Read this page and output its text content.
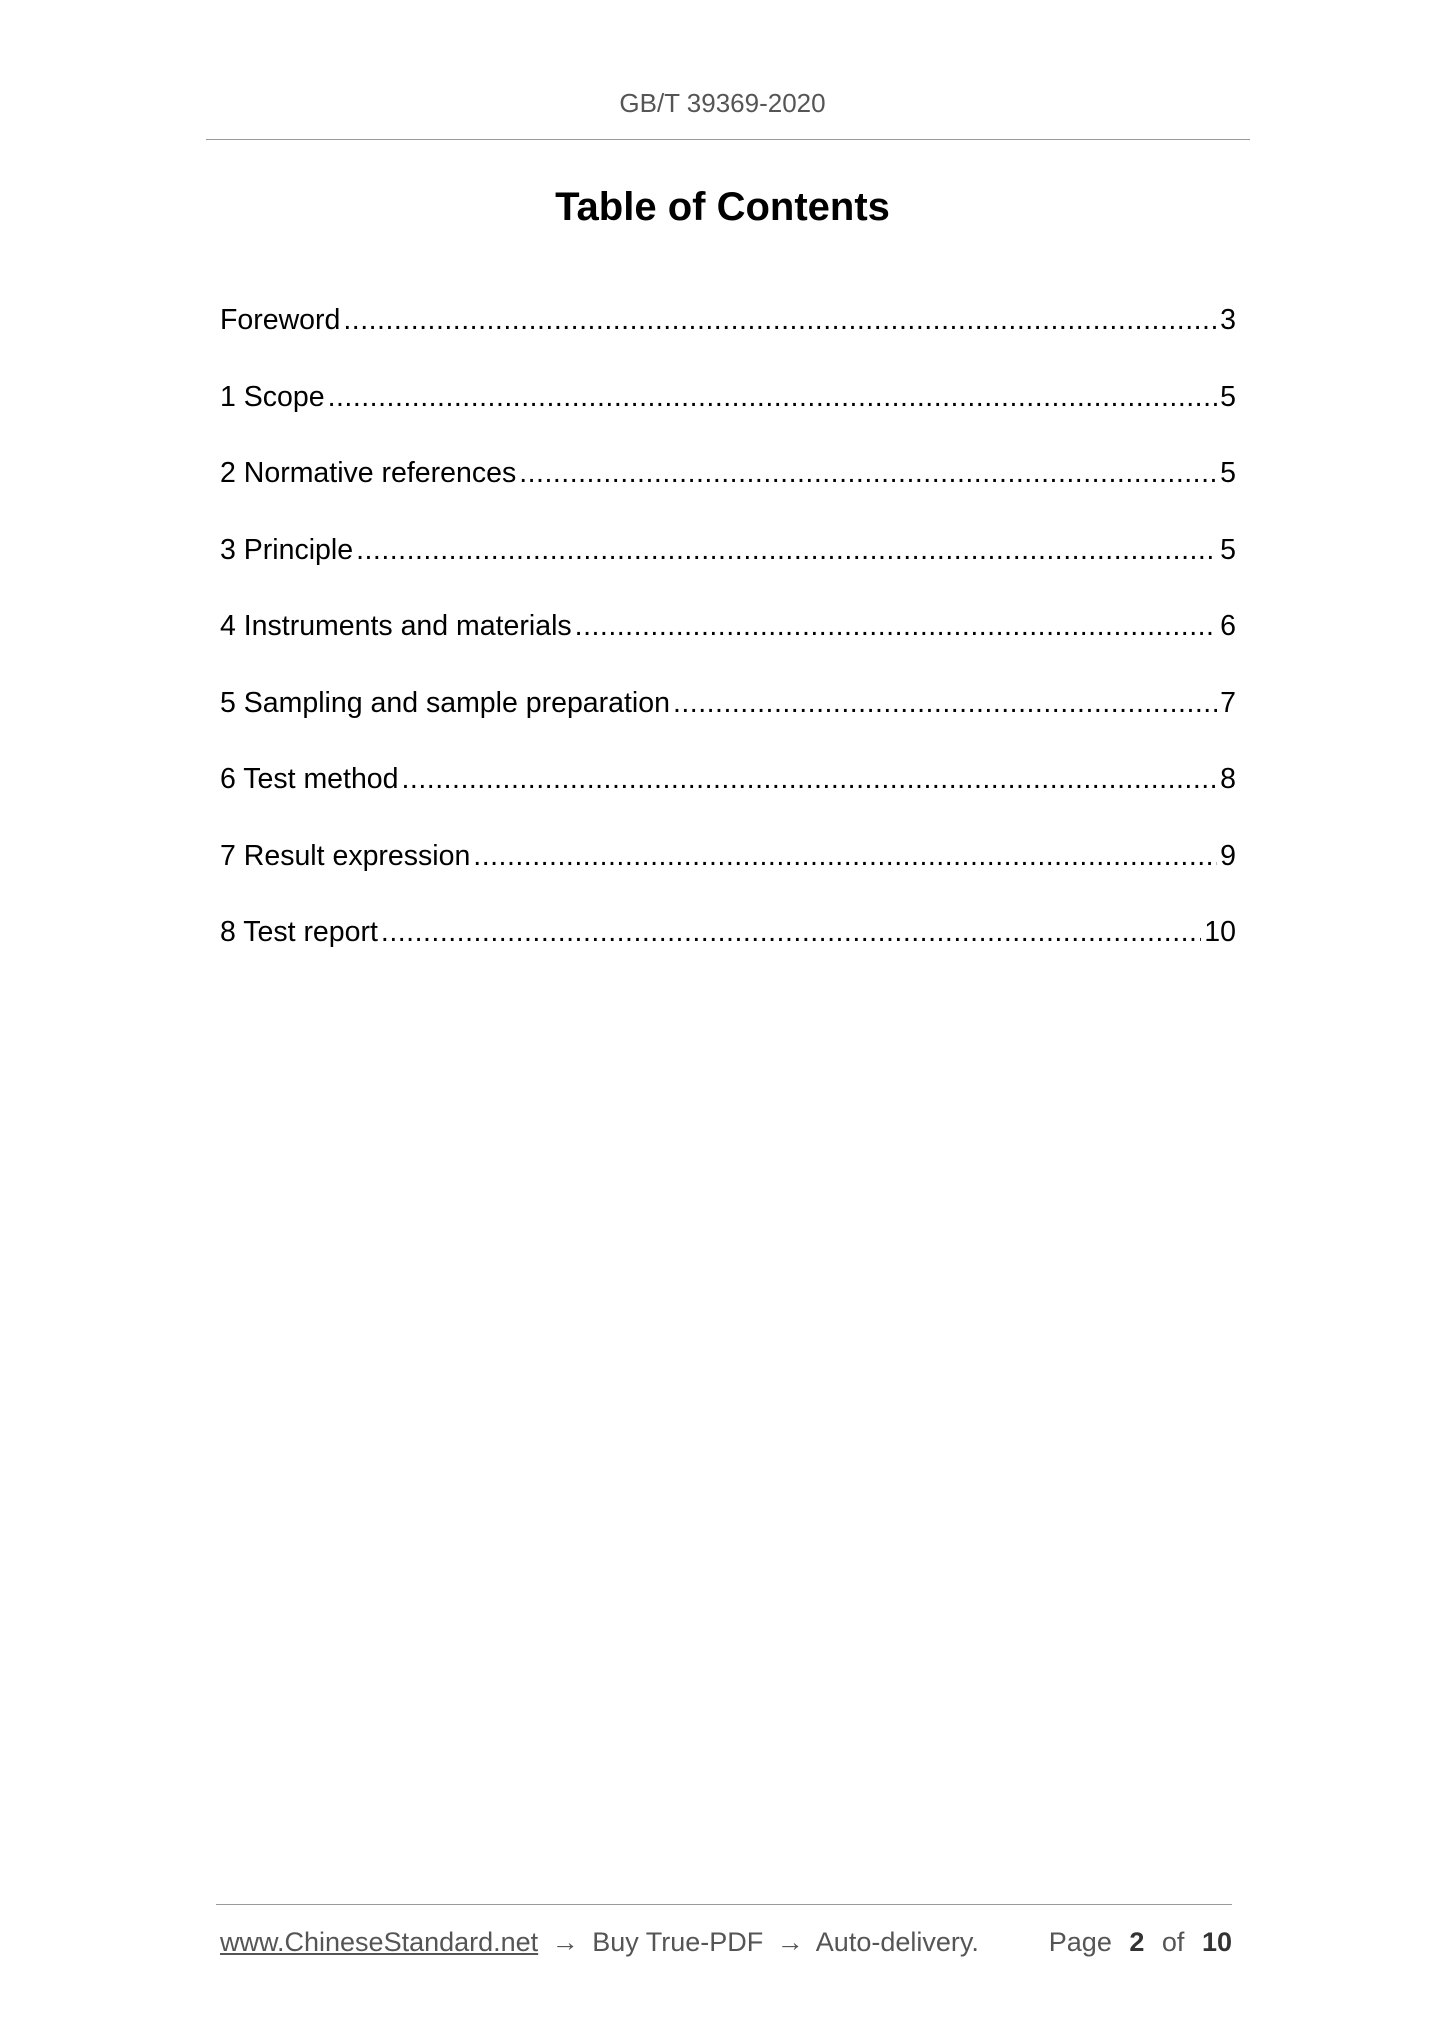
GB/T 39369-2020
Table of Contents
Foreword .....	3
1 Scope .....	5
2 Normative references .....	5
3 Principle .....	5
4 Instruments and materials .....	6
5 Sampling and sample preparation .....	7
6 Test method .....	8
7 Result expression .....	9
8 Test report .....	10
www.ChineseStandard.net → Buy True-PDF → Auto-delivery.	Page 2 of 10
